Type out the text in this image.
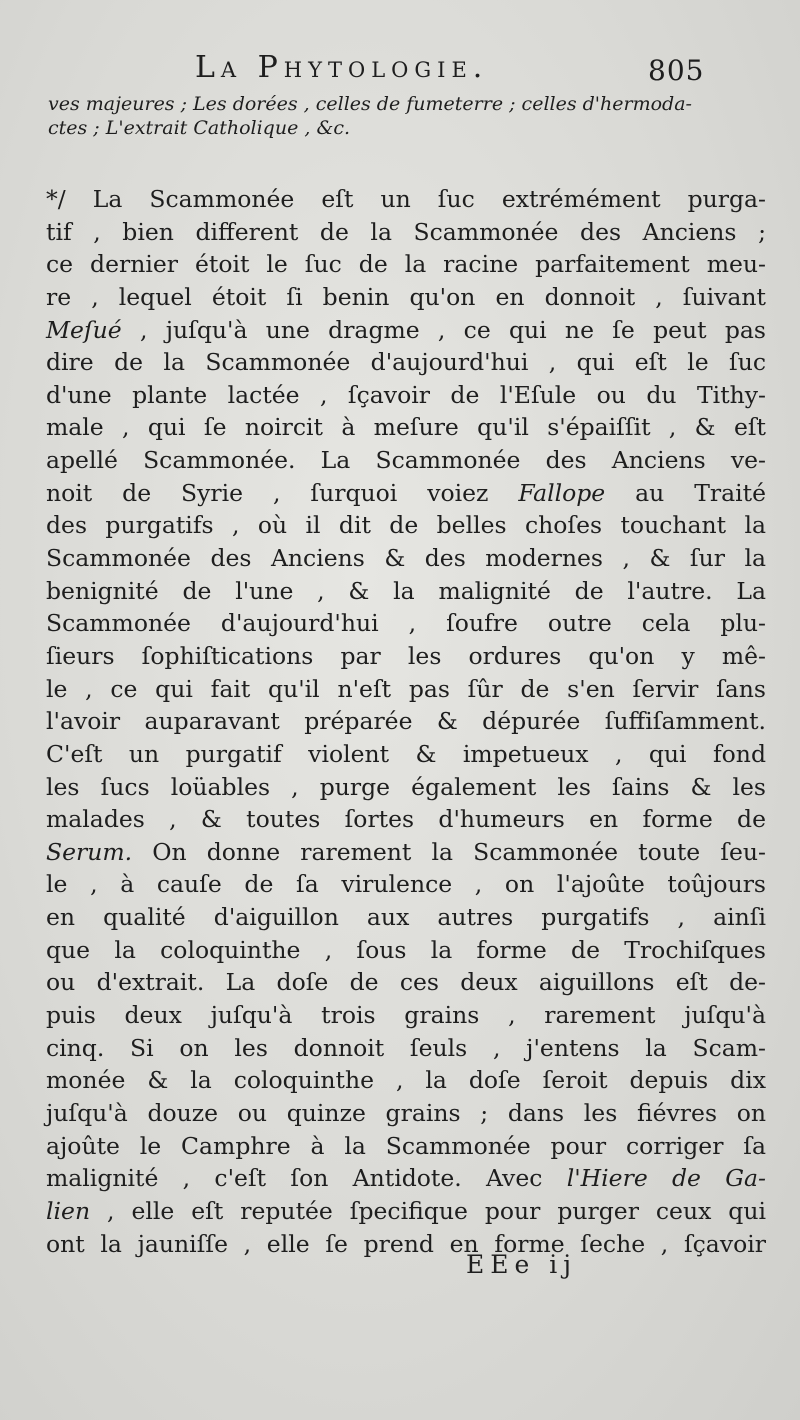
La Phytologie.	805
ves majeures ; Les dorées , celles de fumeterre ; celles d'hermoda-
ctes ; L'extrait Catholique , &c.
*/ La Scammonée eſt un ſuc extrémément purga-
tif , bien different de la Scammonée des Anciens ;
ce dernier étoit le ſuc de la racine parfaitement meu-
re , lequel étoit ſi benin qu'on en donnoit , ſuivant
Meſué , juſqu'à une dragme , ce qui ne ſe peut pas
dire de la Scammonée d'aujourd'hui , qui eſt le ſuc
d'une plante lactée , ſçavoir de l'Eſule ou du Tithy-
male , qui ſe noircit à meſure qu'il s'épaiſſit , & eſt
apellé Scammonée. La Scammonée des Anciens ve-
noit de Syrie , ſurquoi voiez Fallope au Traité
des purgatifs , où il dit de belles choſes touchant la
Scammonée des Anciens & des modernes , & ſur la
benignité de l'une , & la malignité de l'autre. La
Scammonée d'aujourd'hui , ſoufre outre cela plu-
ſieurs ſophiſtications par les ordures qu'on y mê-
le , ce qui fait qu'il n'eſt pas ſûr de s'en ſervir ſans
l'avoir auparavant préparée & dépurée ſuffiſamment.
C'eſt un purgatif violent & impetueux , qui fond
les ſucs loüables , purge également les ſains & les
malades , & toutes ſortes d'humeurs en forme de
Serum. On donne rarement la Scammonée toute ſeu-
le , à cauſe de ſa virulence , on l'ajoûte toûjours
en qualité d'aiguillon aux autres purgatifs , ainſi
que la coloquinthe , ſous la forme de Trochiſques
ou d'extrait. La doſe de ces deux aiguillons eſt de-
puis deux juſqu'à trois grains , rarement juſqu'à
cinq. Si on les donnoit ſeuls , j'entens la Scam-
monée & la coloquinthe , la doſe ſeroit depuis dix
juſqu'à douze ou quinze grains ; dans les fiévres on
ajoûte le Camphre à la Scammonée pour corriger ſa
malignité , c'eſt ſon Antidote. Avec l'Hiere de Ga-
lien , elle eſt reputée ſpecifique pour purger ceux qui
ont la jauniſſe , elle ſe prend en forme ſeche , ſçavoir
EEe ij
